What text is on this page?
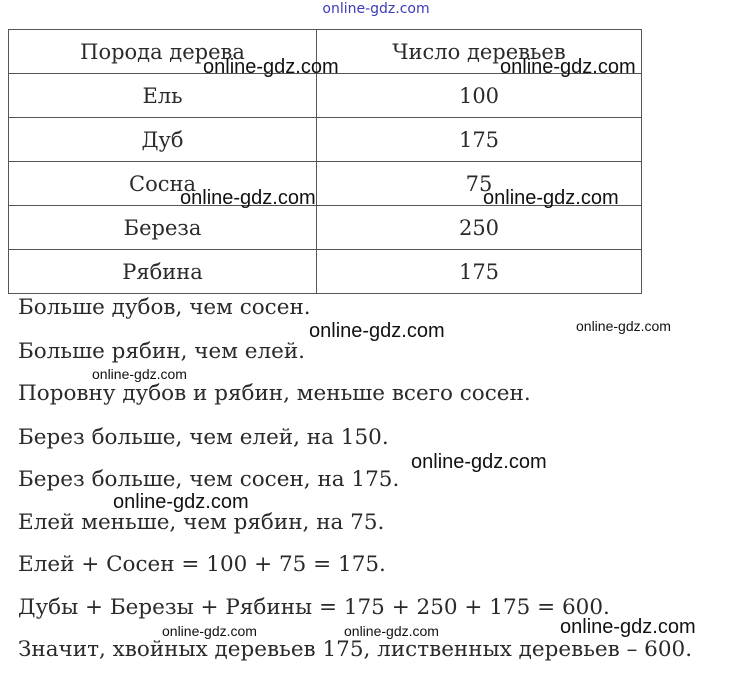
online-gdz.com
Порода дерева	Число деревьев
Ель	100
Дуб	175
Сосна	75
Береза	250
Рябина	175
Больше дубов, чем сосен.
Больше рябин, чем елей.
Поровну дубов и рябин, меньше всего сосен.
Берез больше, чем елей, на 150.
Берез больше, чем сосен, на 175.
Елей меньше, чем рябин, на 75.
Елей + Сосен = 100 + 75 = 175.
Дубы + Березы + Рябины = 175 + 250 + 175 = 600.
Значит, хвойных деревьев 175, лиственных деревьев – 600.
online-gdz.com	online-gdz.com
online-gdz.com	online-gdz.com
online-gdz.com	online-gdz.com
online-gdz.com
online-gdz.com
online-gdz.com
online-gdz.com	online-gdz.com	online-gdz.com
